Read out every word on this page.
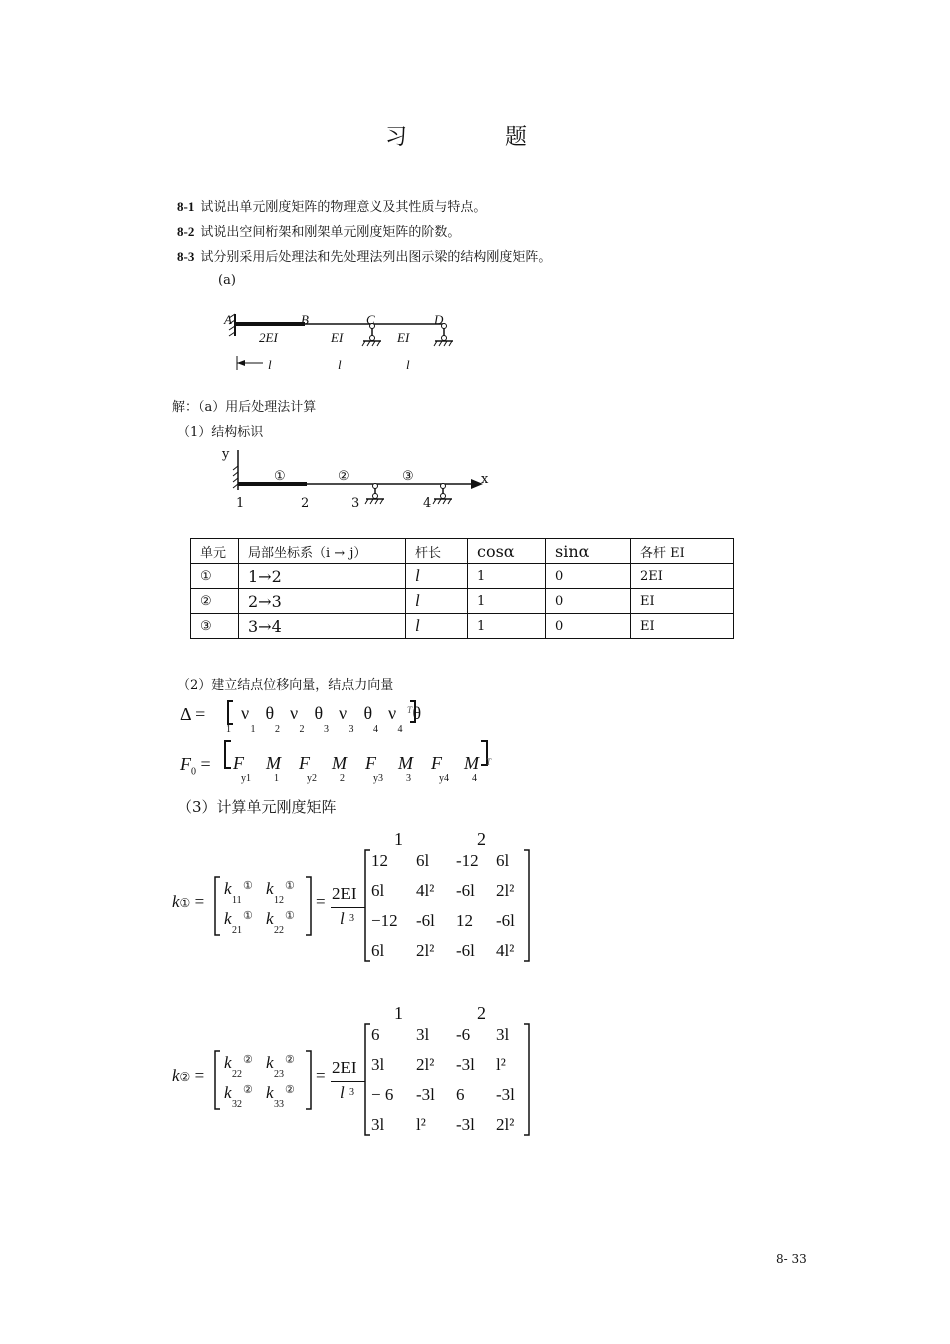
习　题
8-1 试说出单元刚度矩阵的物理意义及其性质与特点。
8-2 试说出空间桁架和刚架单元刚度矩阵的阶数。
8-3 试分别采用后处理法和先处理法列出图示梁的结构刚度矩阵。
(a)
A	B	C	D
2EI	EI	EI
l	l	l
解：（a）用后处理法计算
（1）结构标识
y
x
①	②	③
1	2	3	4
单元	局部坐标系（i → j）	杆长	cosα	sinα	各杆 EI
①	1→2	l	1	0	2EI
②	2→3	l	1	0	EI
③	3→4	l	1	0	EI
（2）建立结点位移向量，结点力向量
Δ =
$F_0$ =
（3）计算单元刚度矩阵
8- 33
ν
1
θ
1
ν
2
θ
2
ν
3
θ
3
ν
4
θ
4
T
F
y1
M
1
F
y2
M
2
F
y3
M
3
F
y4
M
4
T
1	2
k① =
k ①
11
k ①
12
k ①
21
k ①
22
= 2EI
l 3
12 6l -12 6l
6l 4l² -6l 2l²
−12 -6l 12 -6l
6l 2l² -6l 4l²
1	2
k② =
k ②
22
k ②
23
k ②
32
k ②
33
= 2EI
l 3
6 3l -6 3l
3l 2l² -3l l²
− 6 -3l 6 -3l
3l l² -3l 2l²
